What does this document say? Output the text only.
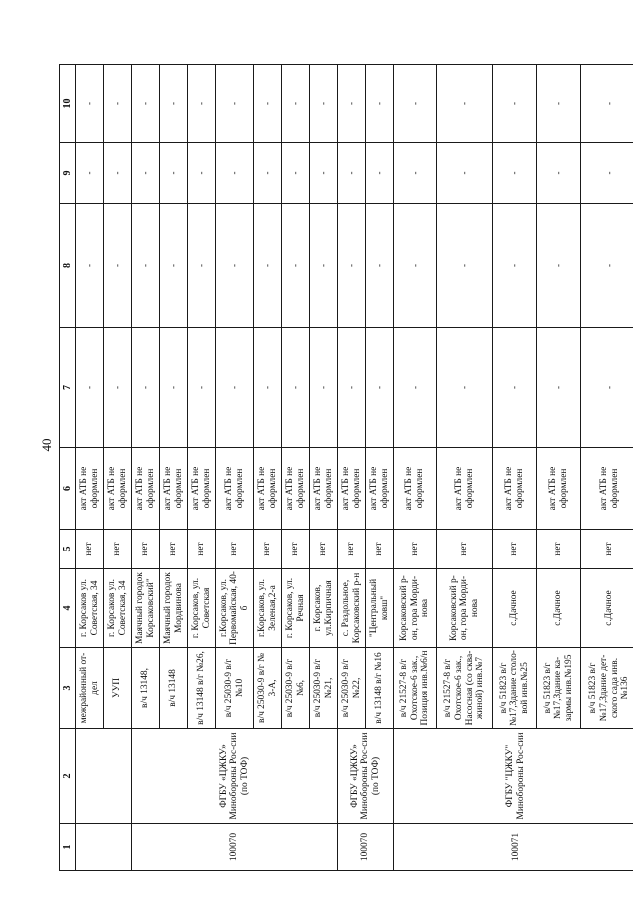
40
1	2	3	4	5	6	7	8	9	10
		межрайонный от-дел	г. Корсаков ул. Советская, 34	нет	акт АТБ не оформлен	-	-	-	-
		УУП	г. Корсаков ул. Советская, 34	нет	акт АТБ не оформлен	-	-	-	-
100070	ФГБУ «ЦЖКУ» Минобороны Рос-сии (по ТОФ)	в/ч 13148,	Маячный городок Корсаковский"	нет	акт АТБ не оформлен	-	-	-	-
		в/ч 13148	Маячный городок Мордвинова	нет	акт АТБ не оформлен	-	-	-	-
		в/ч 13148 в/г №26,	г. Корсаков, ул. Советская	нет	акт АТБ не оформлен	-	-	-	-
		в/ч 25030-9 в/г №10	г.Корсаков, ул. Первомайская, 40-б	нет	акт АТБ не оформлен	-	-	-	-
		в/ч 25030-9 в/г № 3-А,	г.Корсаков, ул. Зеленая,2-а	нет	акт АТБ не оформлен	-	-	-	-
		в/ч 25030-9 в/г №6,	г. Корсаков, ул. Речная	нет	акт АТБ не оформлен	-	-	-	-
		в/ч 25030-9 в/г №21,	г. Корсаков, ул.Кирпичная	нет	акт АТБ не оформлен	-	-	-	-
100070	ФГБУ «ЦЖКУ» Минобороны Рос-сии (по ТОФ)	в/ч 25030-9 в/г №22,	с. Раздольное, Корсаковский р-н	нет	акт АТБ не оформлен	-	-	-	-
		в/ч 13148 в/г №16	"Центральный ковш"	нет	акт АТБ не оформлен	-	-	-	-
100071	ФГБУ "ЦЖКУ" Минобороны Рос-сии	в/ч 21527-8 в/г Охотское-6 зак., Позиция инв.№6/н	Корсаковский р-он, гора Морди-нова	нет	акт АТБ не оформлен	-	-	-	-
		в/ч 21527-8 в/г Охотское-6 зак., Насосная (со сква-жиной) инв.№7	Корсаковский р-он, гора Морди-нова	нет	акт АТБ не оформлен	-	-	-	-
		в/ч 51823 в/г №17,Здание столо-вой инв.№25	с.Дачное	нет	акт АТБ не оформлен	-	-	-	-
		в/ч 51823 в/г №17,Здание ка-зармы инв.№195	с.Дачное	нет	акт АТБ не оформлен	-	-	-	-
		в/ч 51823 в/г №17,Здание дет-ского сада инв.№136	с.Дачное	нет	акт АТБ не оформлен	-	-	-	-
